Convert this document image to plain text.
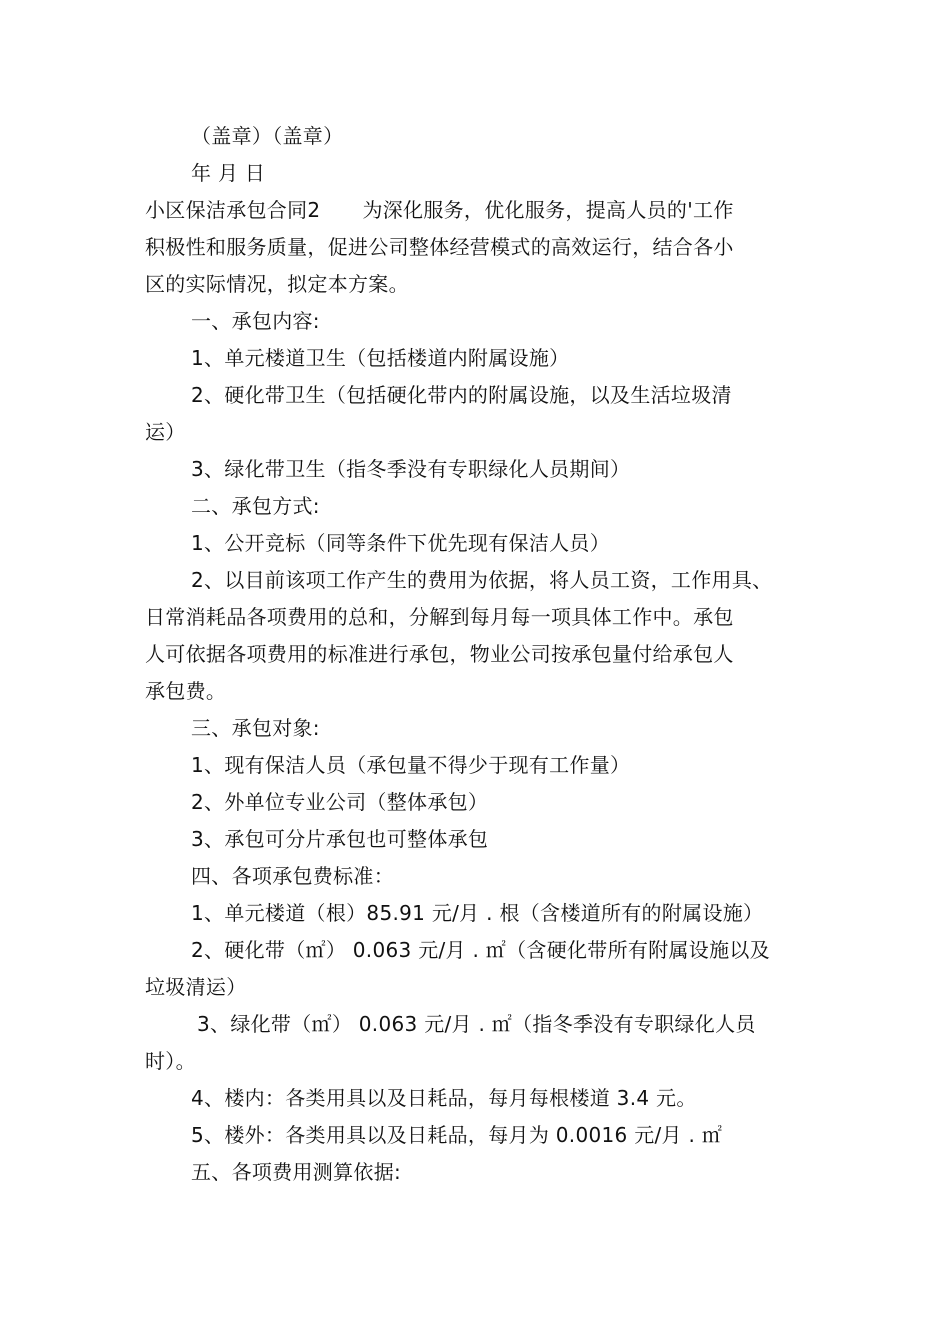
（盖章）（盖章）
年 月 日
小区保洁承包合同2 为深化服务，优化服务，提高人员的'工作
积极性和服务质量，促进公司整体经营模式的高效运行，结合各小
区的实际情况，拟定本方案。
一、承包内容:
1、单元楼道卫生（包括楼道内附属设施）
2、硬化带卫生（包括硬化带内的附属设施，以及生活垃圾清
运）
3、绿化带卫生（指冬季没有专职绿化人员期间）
二、承包方式:
1、公开竞标（同等条件下优先现有保洁人员）
2、以目前该项工作产生的费用为依据，将人员工资，工作用具、
日常消耗品各项费用的总和，分解到每月每一项具体工作中。承包
人可依据各项费用的标准进行承包，物业公司按承包量付给承包人
承包费。
三、承包对象:
1、现有保洁人员（承包量不得少于现有工作量）
2、外单位专业公司（整体承包）
3、承包可分片承包也可整体承包
四、各项承包费标准：
1、单元楼道（根）85.91 元/月 . 根（含楼道所有的附属设施）
2、硬化带（㎡） 0.063 元/月 . ㎡（含硬化带所有附属设施以及
垃圾清运）
3、绿化带（㎡） 0.063 元/月 . ㎡（指冬季没有专职绿化人员
时）。
4、楼内：各类用具以及日耗品，每月每根楼道 3.4 元。
5、楼外：各类用具以及日耗品，每月为 0.0016 元/月 . ㎡
五、各项费用测算依据:
